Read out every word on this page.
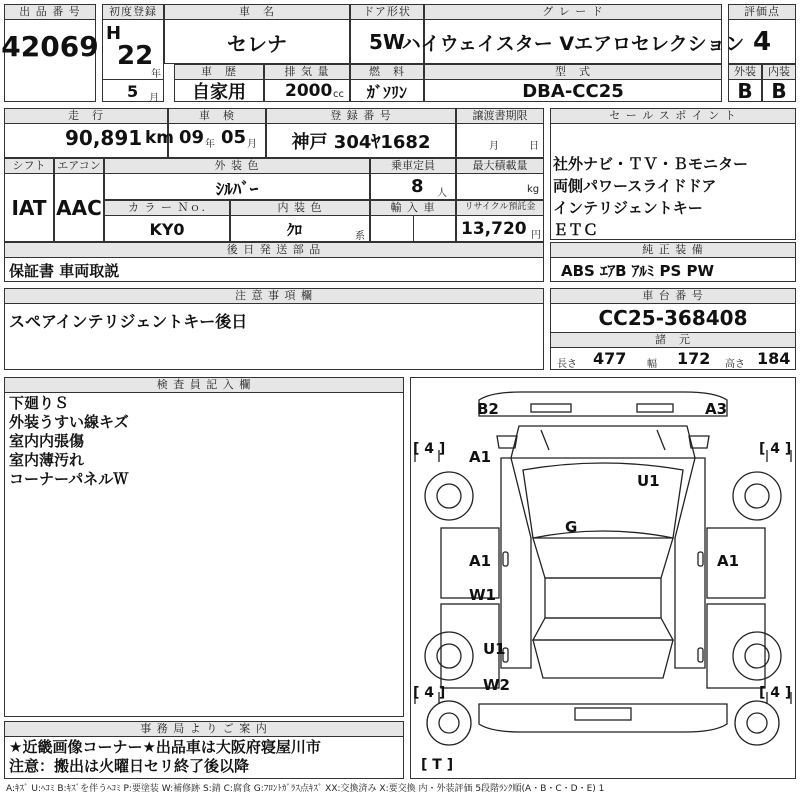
出 品 番 号
42069
初度登録
H
22
年
5 月
車　名
セレナ
ドア形状
5W
グ レ ー ド
ハイウェイスター Vエアロセレクション
評価点
4
車　歴
自家用
排 気 量
2000 cc
燃　料
ｶﾞｿﾘﾝ
型　式
DBA-CC25
外装
B
内装
B
走　行
90,891 km
車　検
09 年 05 月
登 録 番 号
神戸 304ﾔ1682
譲渡書期限
月	日
セ ー ル ス ポ イ ン ト
社外ナビ・ＴＶ・Ｂモニター
両側パワースライドドア
インテリジェントキー
ＥＴＣ
シフト
IAT
エアコン
AAC
外 装 色
ｼﾙﾊﾞｰ
乗車定員
8 人
最大積載量
kg
カ ラ ー Ｎｏ.
KY0
内 装 色
ｸﾛ	系
輸 入 車	リサイクル預託金
13,720 円
後 日 発 送 部 品
保証書 車両取説
純 正 装 備
ABS ｴｱB ｱﾙﾐ PS PW
注 意 事 項 欄
スペアインテリジェントキー後日
車 台 番 号
CC25-368408
諸　元
長さ 477 幅 172 高さ 184
検 査 員 記 入 欄
下廻りＳ
外装うすい線キズ
室内内張傷
室内薄汚れ
コーナーパネルＷ
事 務 局 よ り ご 案 内
★近畿画像コーナー★出品車は大阪府寝屋川市
注意：搬出は火曜日セリ終了後以降
B2	A3
A1
U1
G
A1	A1
W1
U1
W2
[ 4 ]	[ 4 ]
[ 4 ]	[ 4 ]
[ T ]
A:ｷｽﾞ U:ﾍｺﾐ B:ｷｽﾞを伴うﾍｺﾐ P:要塗装 W:補修跡 S:錆 C:腐食 G:ﾌﾛﾝﾄｶﾞﾗｽ点ｷｽﾞ XX:交換済み X:要交換 内・外装評価 5段階ﾗﾝｸ順(A・B・C・D・E) 1
